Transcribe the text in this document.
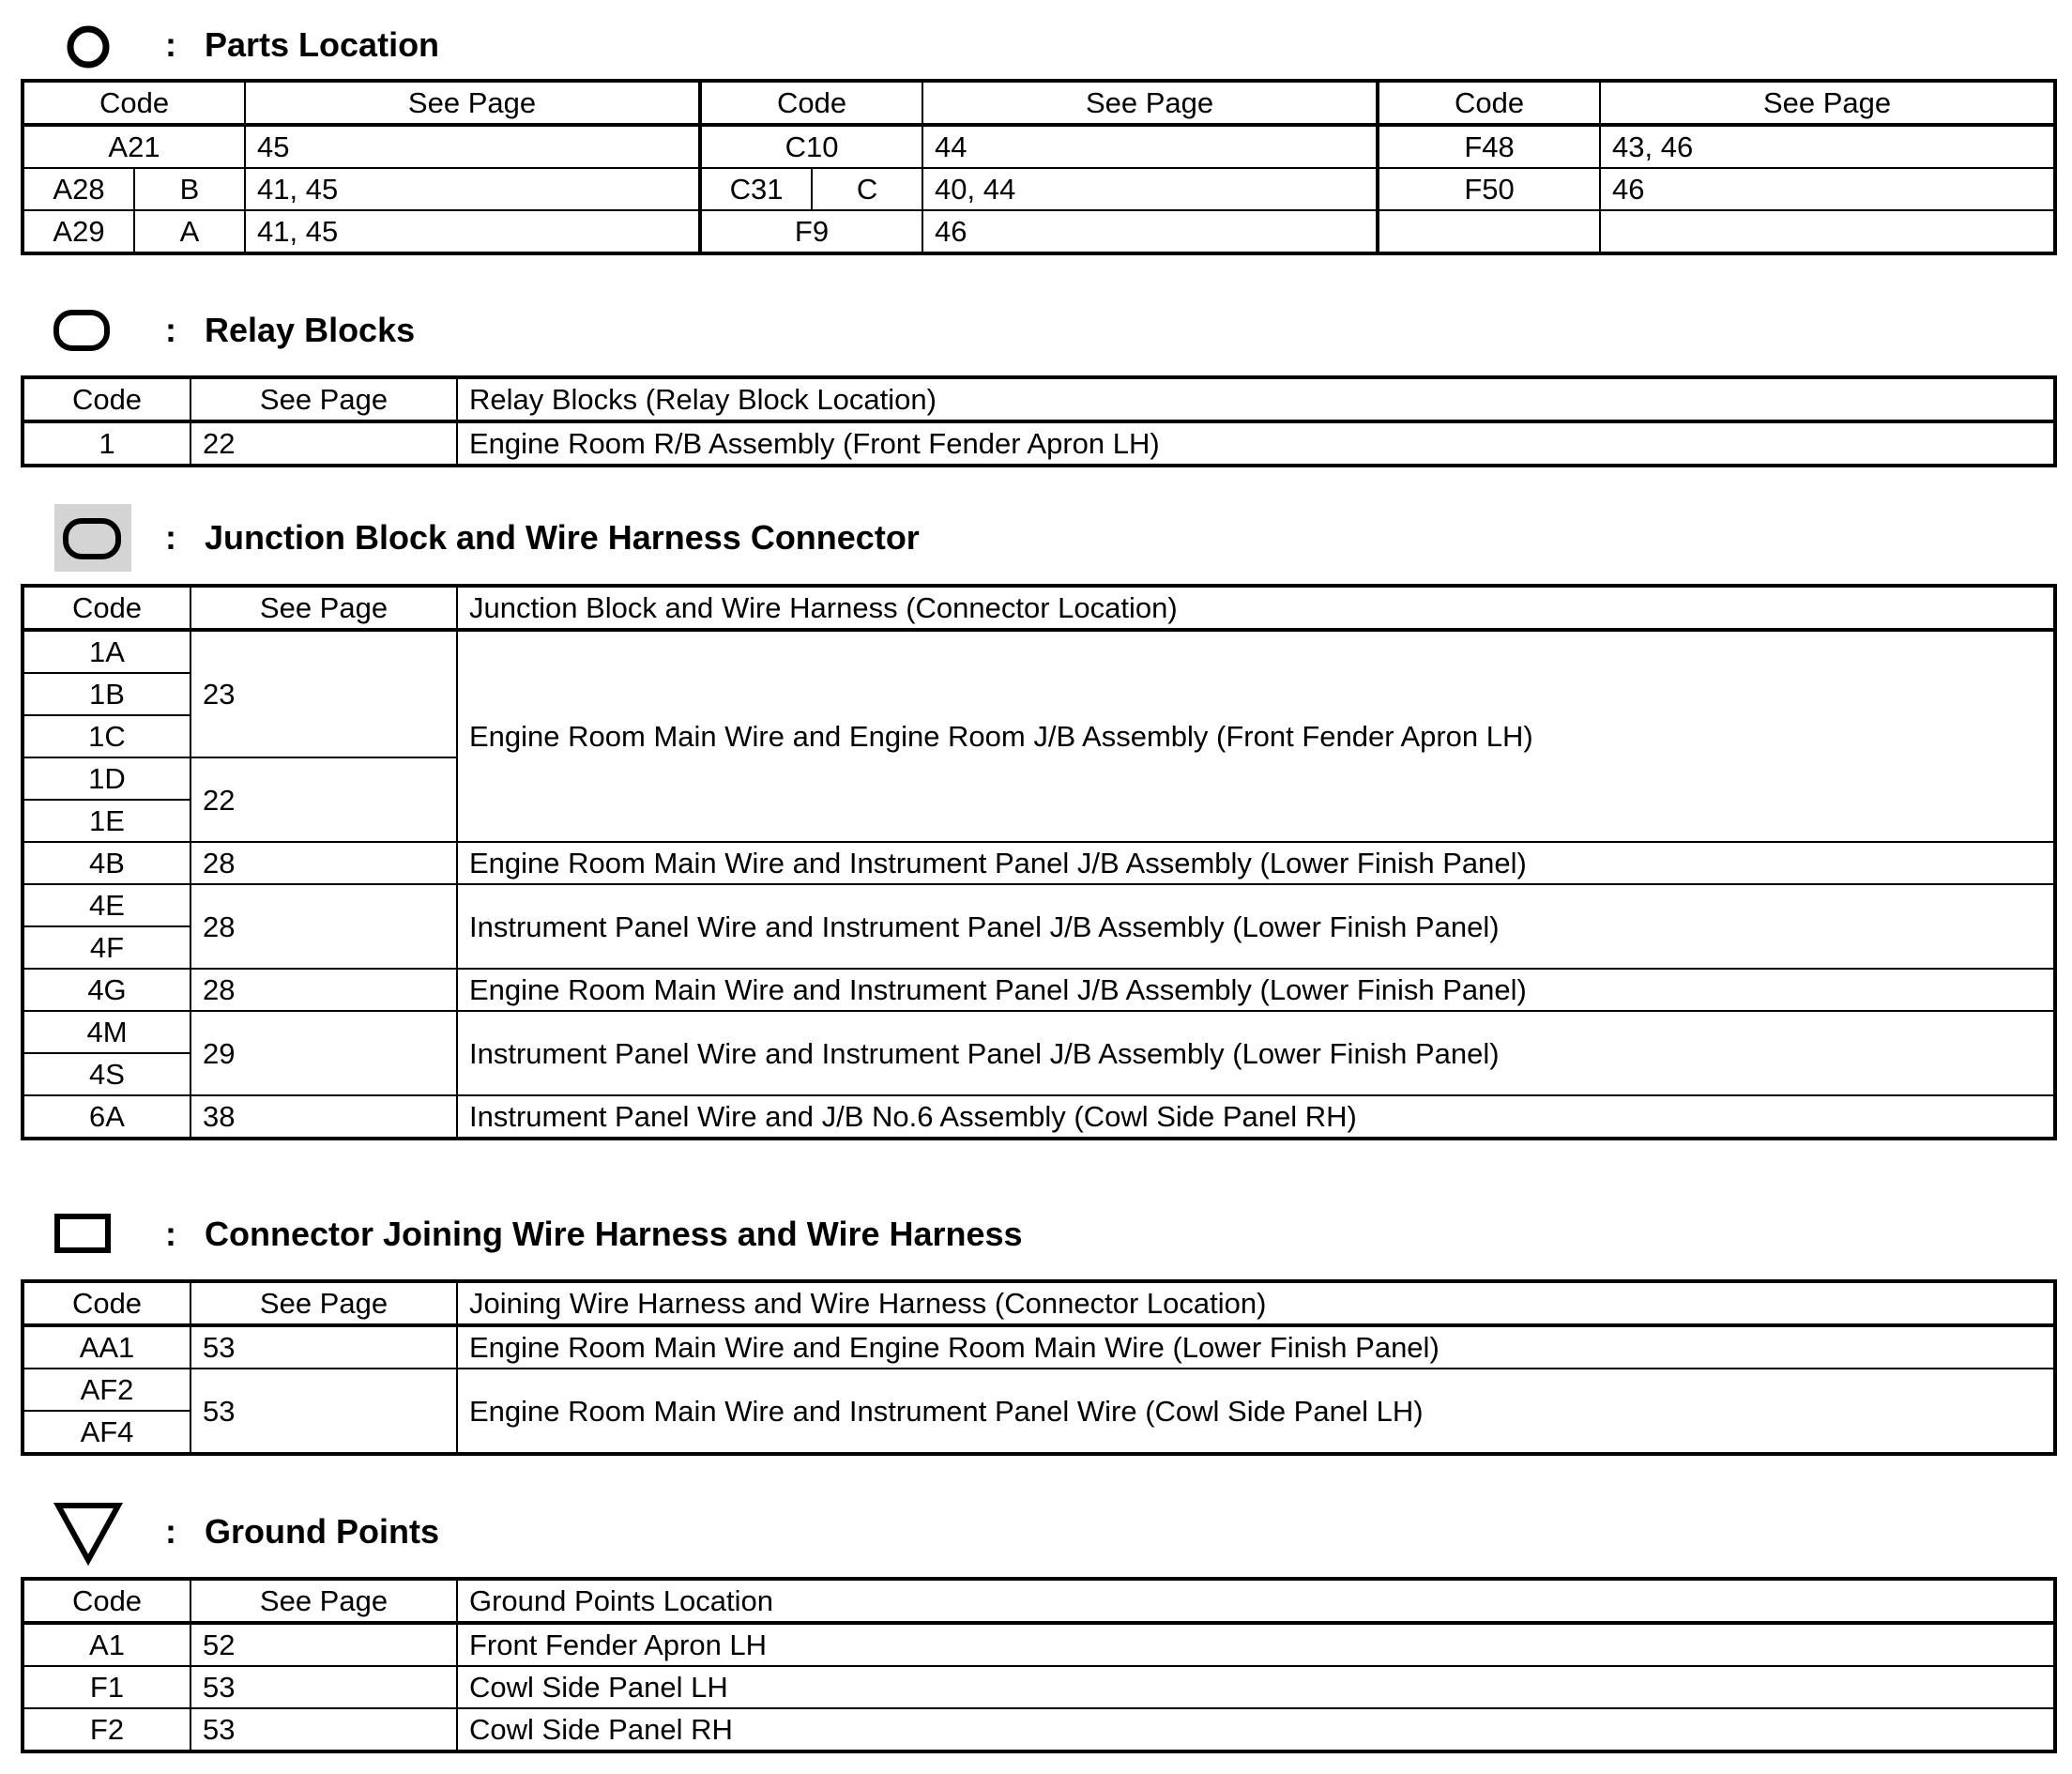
: Parts Location
Code		See Page	Code		See Page	Code	See Page
A21		45	C10		44	F48	43, 46
A28	B	41, 45	C31	C	40, 44	F50	46
A29	A	41, 45	F9		46		
: Relay Blocks
Code	See Page	Relay Blocks (Relay Block Location)
1	22	Engine Room R/B Assembly (Front Fender Apron LH)
: Junction Block and Wire Harness Connector
Code	See Page	Junction Block and Wire Harness (Connector Location)
1A	23	Engine Room Main Wire and Engine Room J/B Assembly (Front Fender Apron LH)
1B		
1C		
1D	22	
1E		
4B	28	Engine Room Main Wire and Instrument Panel J/B Assembly (Lower Finish Panel)
4E	28	Instrument Panel Wire and Instrument Panel J/B Assembly (Lower Finish Panel)
4F		
4G	28	Engine Room Main Wire and Instrument Panel J/B Assembly (Lower Finish Panel)
4M	29	Instrument Panel Wire and Instrument Panel J/B Assembly (Lower Finish Panel)
4S		
6A	38	Instrument Panel Wire and J/B No.6 Assembly (Cowl Side Panel RH)
: Connector Joining Wire Harness and Wire Harness
Code	See Page	Joining Wire Harness and Wire Harness (Connector Location)
AA1	53	Engine Room Main Wire and Engine Room Main Wire (Lower Finish Panel)
AF2	53	Engine Room Main Wire and Instrument Panel Wire (Cowl Side Panel LH)
AF4		
: Ground Points
Code	See Page	Ground Points Location
A1	52	Front Fender Apron LH
F1	53	Cowl Side Panel LH
F2	53	Cowl Side Panel RH
